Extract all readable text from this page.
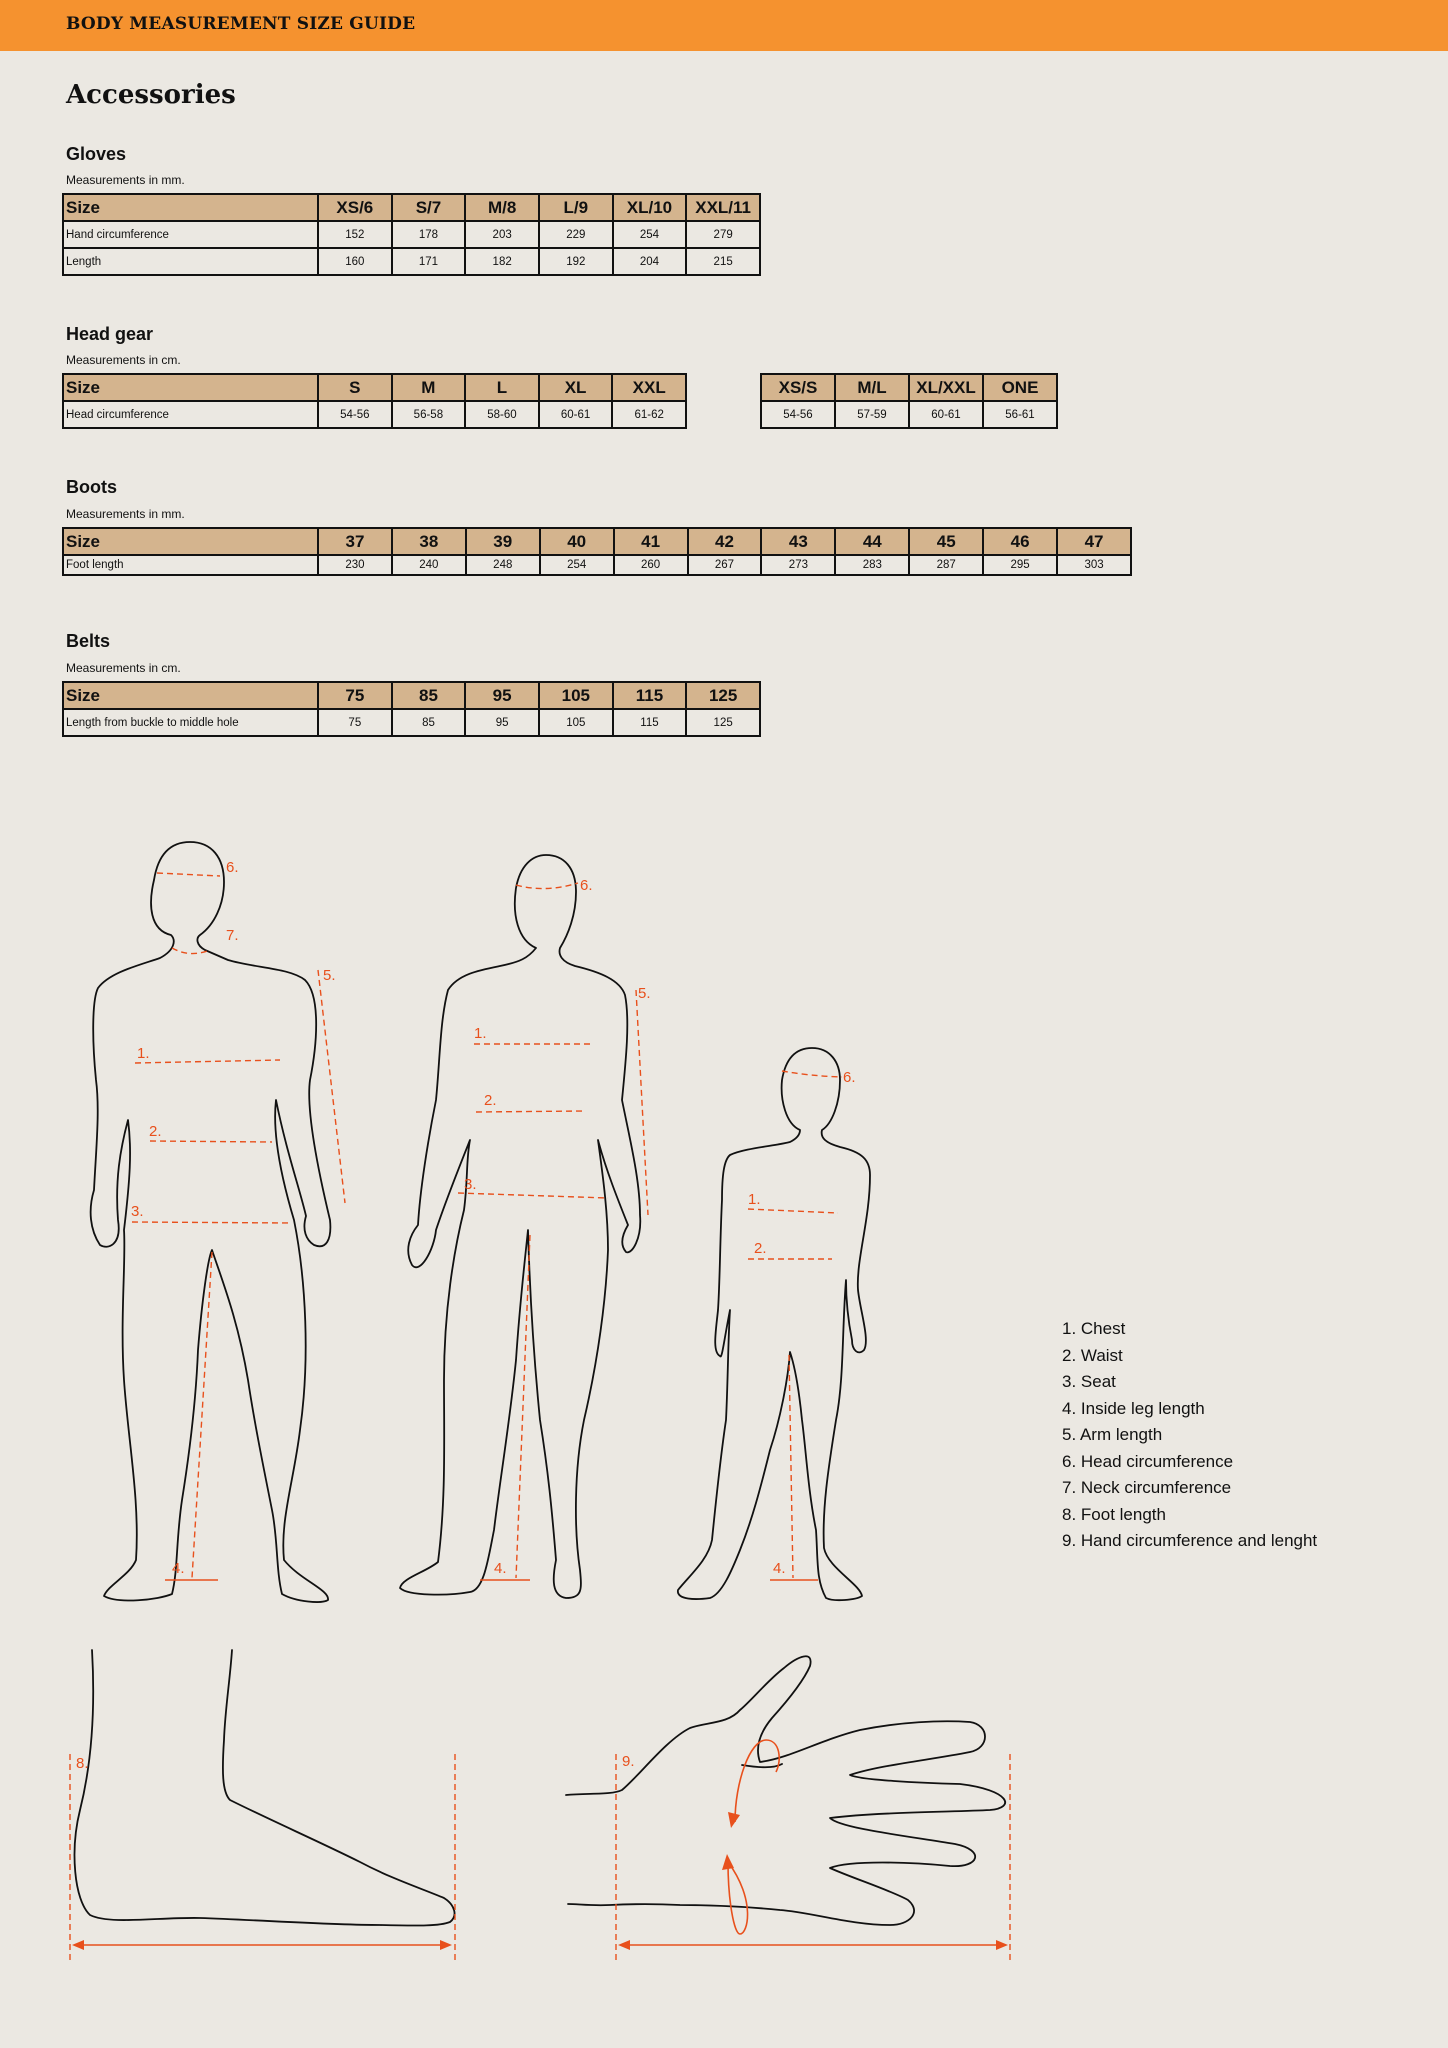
BODY MEASUREMENT SIZE GUIDE
Accessories
Gloves
Measurements in mm.
Size	XS/6	S/7	M/8	L/9	XL/10	XXL/11
Hand circumference	152	178	203	229	254	279
Length	160	171	182	192	204	215
Head gear
Measurements in cm.
Size	S	M	L	XL	XXL
Head circumference	54-56	56-58	58-60	60-61	61-62
XS/S	M/L	XL/XXL	ONE
54-56	57-59	60-61	56-61
Boots
Measurements in mm.
Size	37	38	39	40	41	42	43	44	45	46	47
Foot length	230	240	248	254	260	267	273	283	287	295	303
Belts
Measurements in cm.
Size	75	85	95	105	115	125
Length from buckle to middle hole	75	85	95	105	115	125
1.
2.
3.
4.
5.
6.
7.
1.
2.
3.
4.
5.
6.
1.
2.
4.
6.
8.	9.
1. Chest
2. Waist
3. Seat
4. Inside leg length
5. Arm length
6. Head circumference
7. Neck circumference
8. Foot length
9. Hand circumference and lenght
